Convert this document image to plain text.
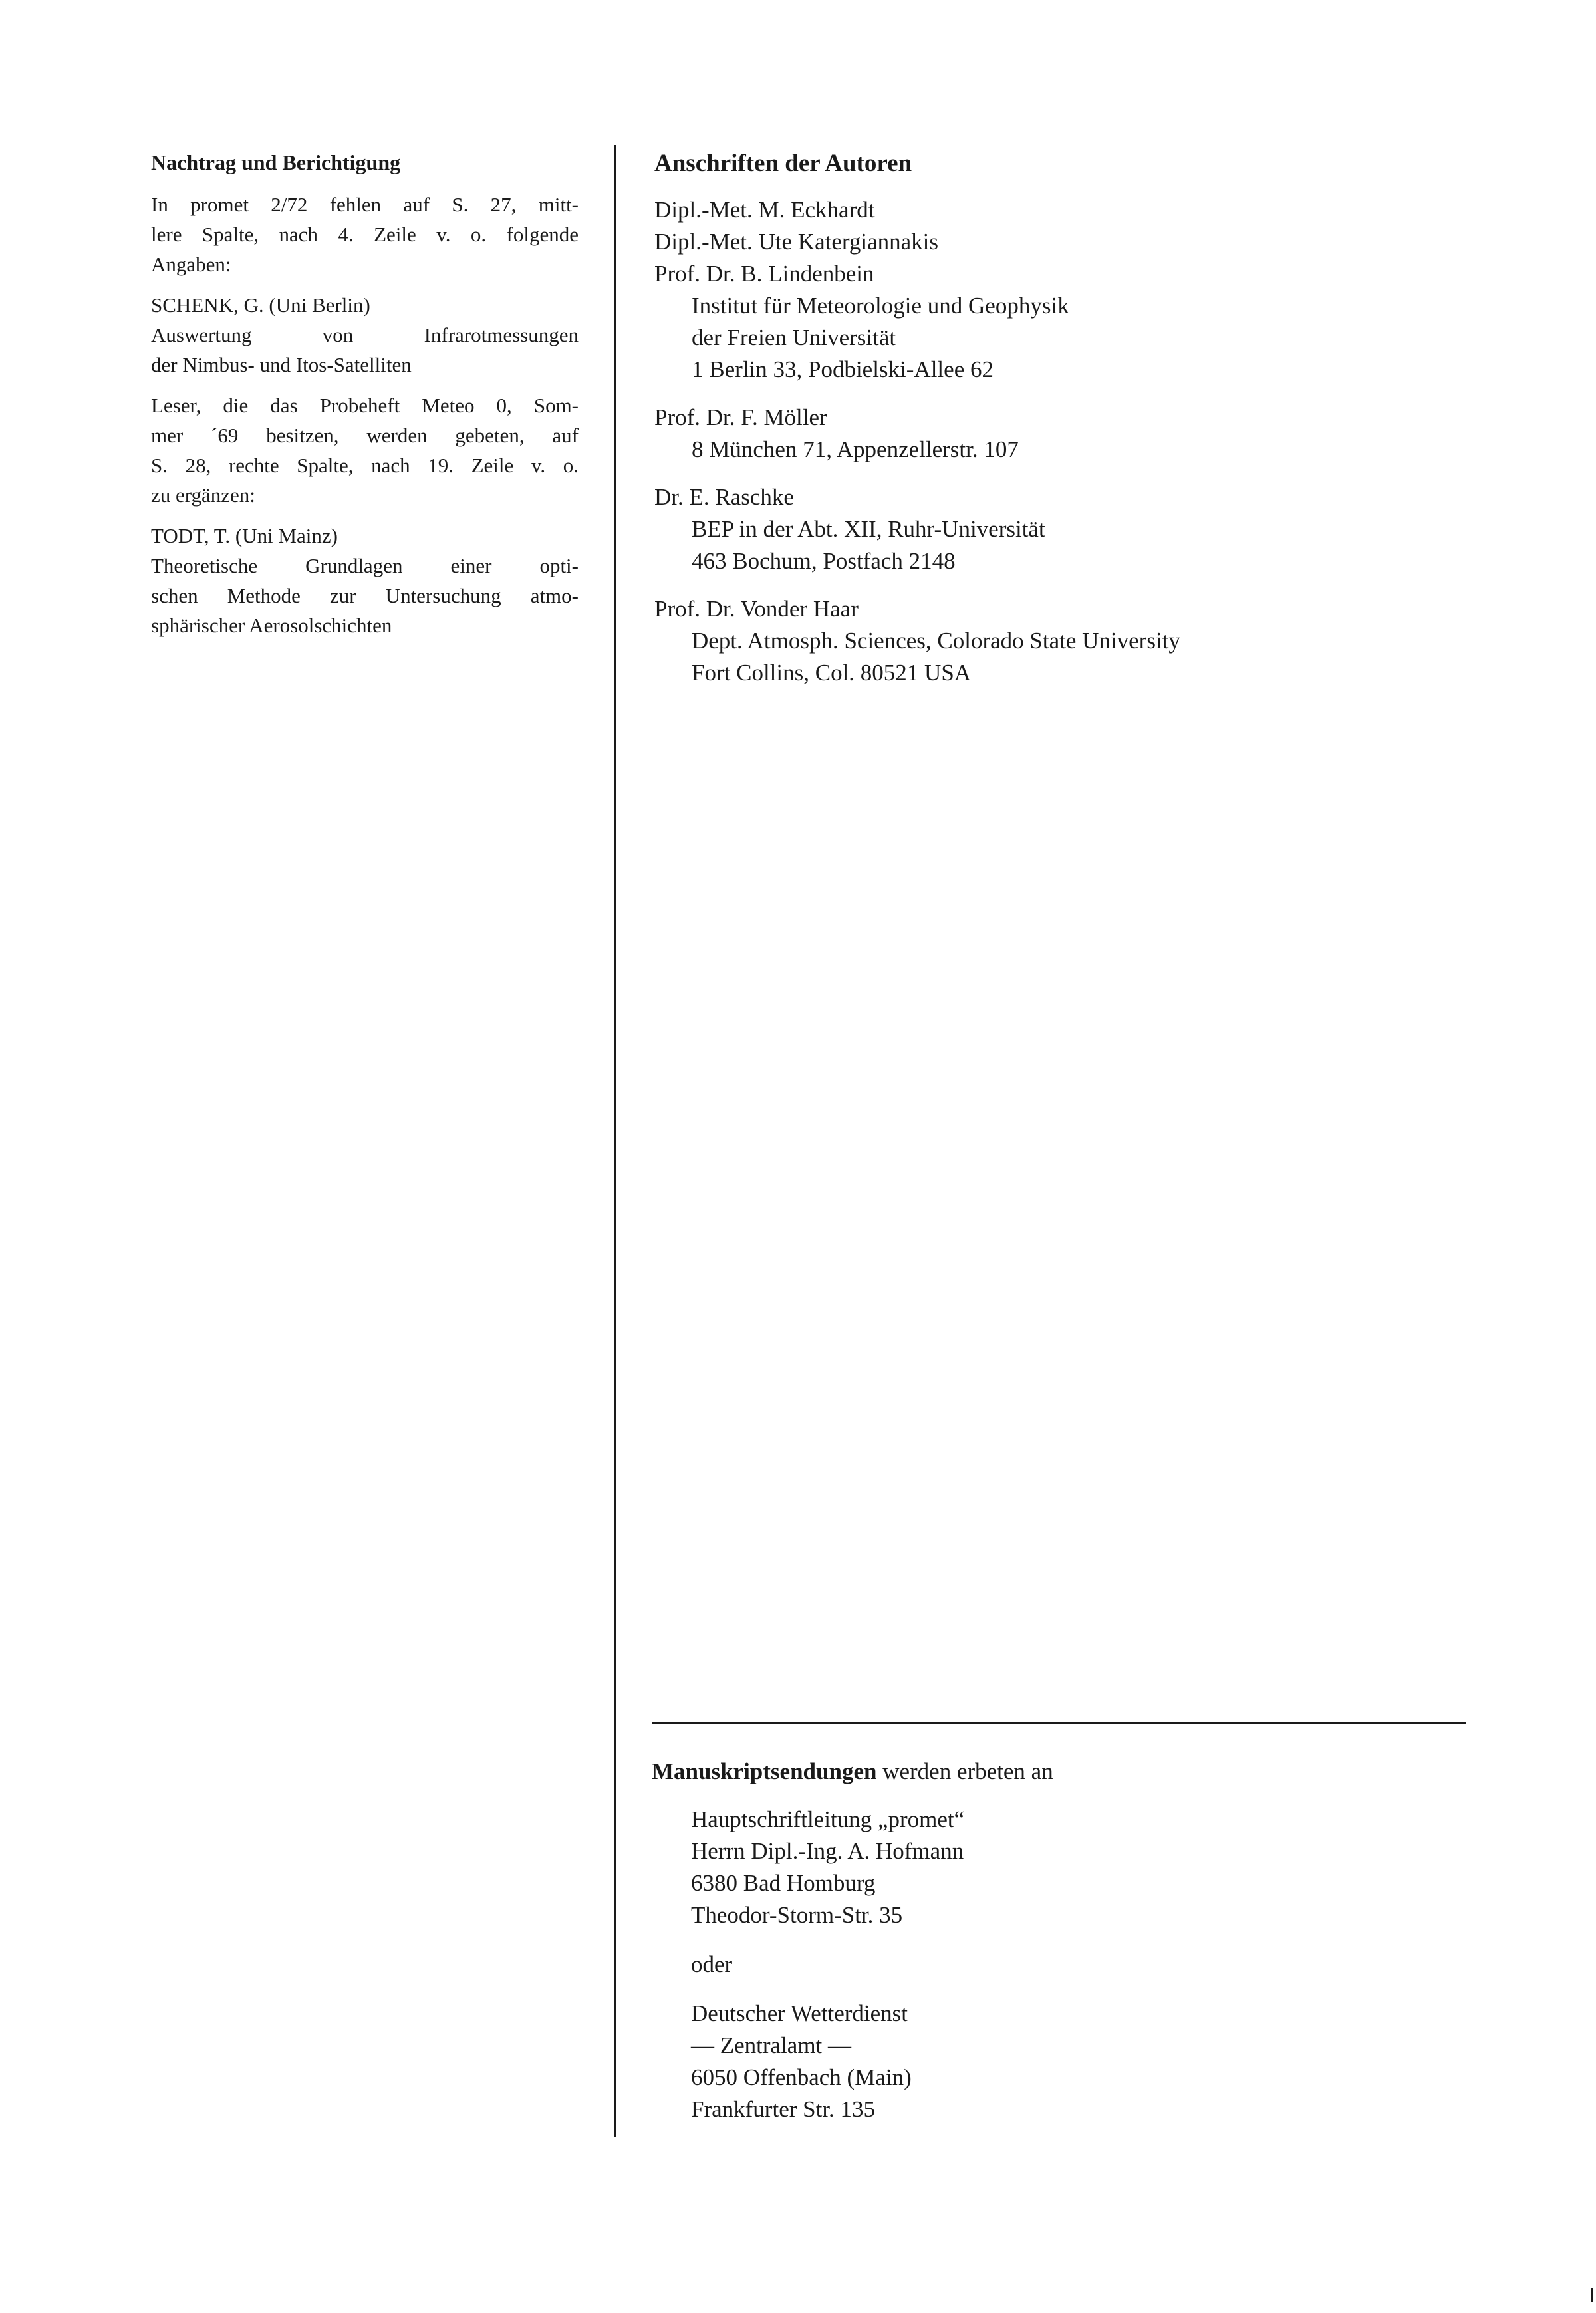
Nachtrag und Berichtigung
In promet 2/72 fehlen auf S. 27, mitt-
lere Spalte, nach 4. Zeile v. o. folgende
Angaben:
SCHENK, G. (Uni Berlin)
Auswertung von Infrarotmessungen
der Nimbus- und Itos-Satelliten
Leser, die das Probeheft Meteo 0, Som-
mer ´69 besitzen, werden gebeten, auf
S. 28, rechte Spalte, nach 19. Zeile v. o.
zu ergänzen:
TODT, T. (Uni Mainz)
Theoretische Grundlagen einer opti-
schen Methode zur Untersuchung atmo-
sphärischer Aerosolschichten
Anschriften der Autoren
Dipl.-Met. M. Eckhardt
Dipl.-Met. Ute Katergiannakis
Prof. Dr. B. Lindenbein
Institut für Meteorologie und Geophysik
der Freien Universität
1 Berlin 33, Podbielski-Allee 62
Prof. Dr. F. Möller
8 München 71, Appenzellerstr. 107
Dr. E. Raschke
BEP in der Abt. XII, Ruhr-Universität
463 Bochum, Postfach 2148
Prof. Dr. Vonder Haar
Dept. Atmosph. Sciences, Colorado State University
Fort Collins, Col. 80521 USA
Manuskriptsendungen werden erbeten an
Hauptschriftleitung „promet“
Herrn Dipl.-Ing. A. Hofmann
6380 Bad Homburg
Theodor-Storm-Str. 35
oder
Deutscher Wetterdienst
— Zentralamt —
6050 Offenbach (Main)
Frankfurter Str. 135
